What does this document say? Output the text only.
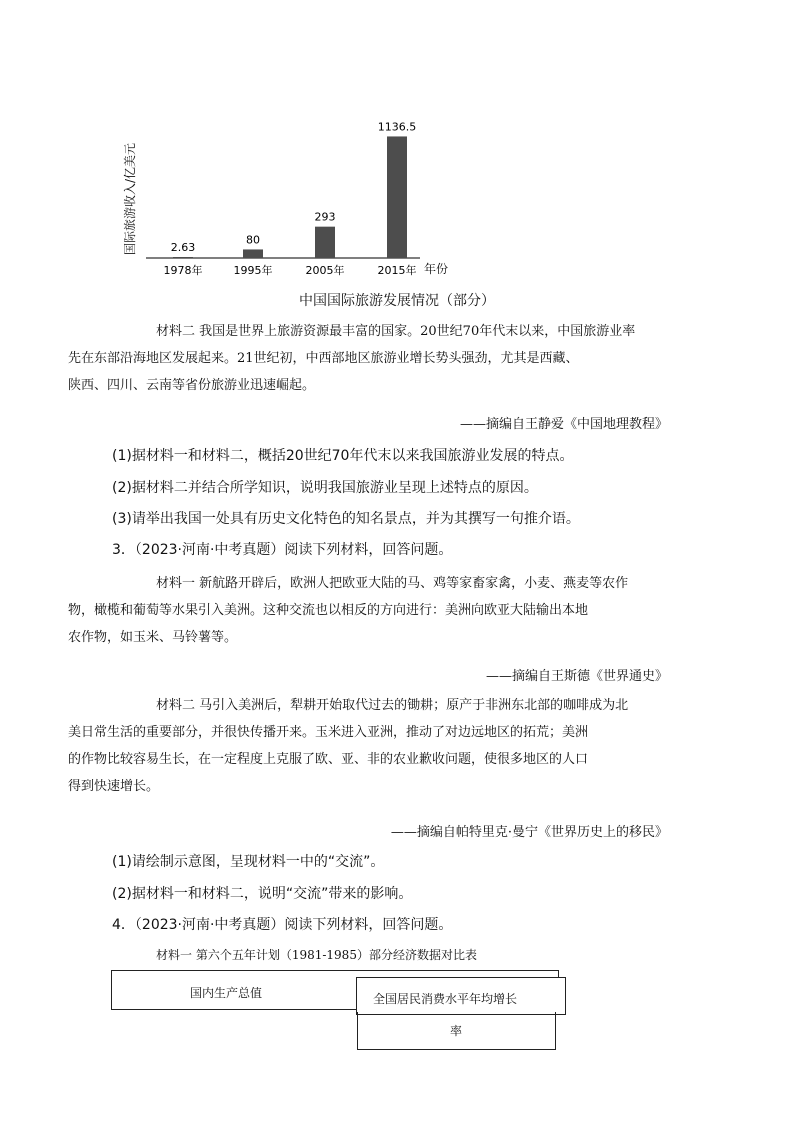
国际旅游收入/亿美元	2.63
1978年
80
1995年
293
2005年
1136.5
2015年 年份
中国国际旅游发展情况（部分）
材料二 我国是世界上旅游资源最丰富的国家。20世纪70年代末以来，中国旅游业率
先在东部沿海地区发展起来。21世纪初，中西部地区旅游业增长势头强劲，尤其是西藏、
陕西、四川、云南等省份旅游业迅速崛起。
——摘编自王静爱《中国地理教程》
(1)据材料一和材料二，概括20世纪70年代末以来我国旅游业发展的特点。
(2)据材料二并结合所学知识，说明我国旅游业呈现上述特点的原因。
(3)请举出我国一处具有历史文化特色的知名景点，并为其撰写一句推介语。
3．（2023·河南·中考真题）阅读下列材料，回答问题。
材料一 新航路开辟后，欧洲人把欧亚大陆的马、鸡等家畜家禽，小麦、燕麦等农作
物，橄榄和葡萄等水果引入美洲。这种交流也以相反的方向进行：美洲向欧亚大陆输出本地
农作物，如玉米、马铃薯等。
——摘编自王斯德《世界通史》
材料二 马引入美洲后，犁耕开始取代过去的锄耕；原产于非洲东北部的咖啡成为北
美日常生活的重要部分，并很快传播开来。玉米进入亚洲，推动了对边远地区的拓荒；美洲
的作物比较容易生长，在一定程度上克服了欧、亚、非的农业歉收问题，使很多地区的人口
得到快速增长。
——摘编自帕特里克·曼宁《世界历史上的移民》
(1)请绘制示意图，呈现材料一中的“交流”。
(2)据材料一和材料二，说明“交流”带来的影响。
4．（2023·河南·中考真题）阅读下列材料，回答问题。
材料一 第六个五年计划（1981-1985）部分经济数据对比表
国内生产总值	全国居民消费水平年均增长
率
